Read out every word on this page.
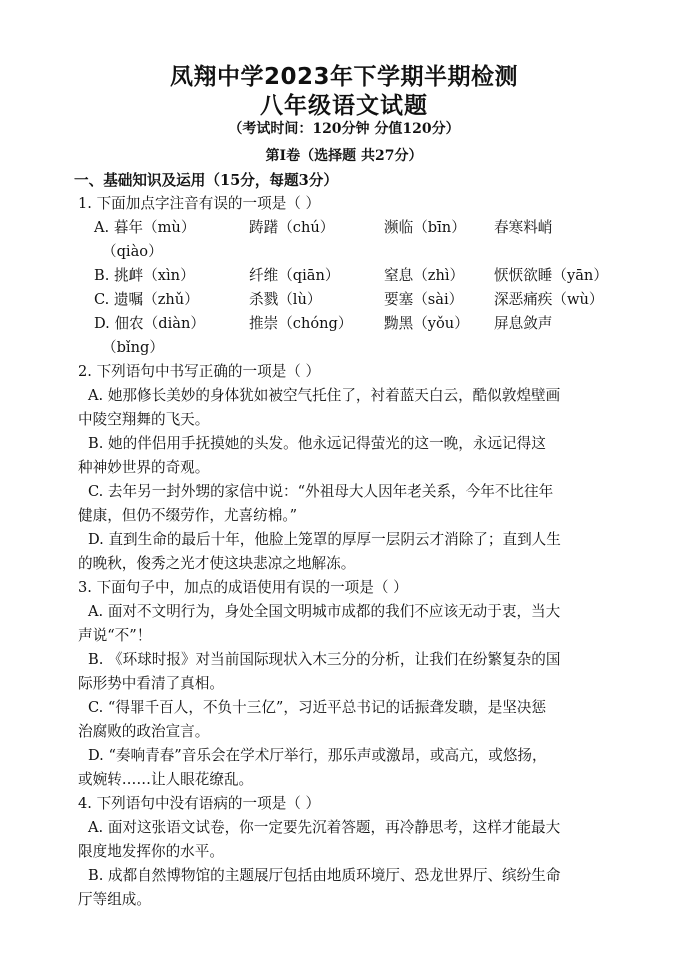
凤翔中学2023年下学期半期检测
八年级语文试题
（考试时间：120分钟 分值120分）
第Ⅰ卷（选择题 共27分）
一、基础知识及运用（15分，每题3分）
1. 下面加点字注音有误的一项是（ ）
A. 暮年（mù）	踌躇（chú）	濒临（bīn）	春寒料峭
（qiào）
B. 挑衅（xìn）	纤维（qiān）	窒息（zhì）	恹恹欲睡（yān）
C. 遗嘱（zhǔ）	杀戮（lù）	要塞（sài）	深恶痛疾（wù）
D. 佃农（diàn）	推崇（chóng）	黝黑（yǒu）	屏息敛声
（bǐng）
2. 下列语句中书写正确的一项是（ ）
A. 她那修长美妙的身体犹如被空气托住了，衬着蓝天白云，酷似敦煌壁画
中陵空翔舞的飞天。
B. 她的伴侣用手抚摸她的头发。他永远记得萤光的这一晚，永远记得这
种神妙世界的奇观。
C. 去年另一封外甥的家信中说：“外祖母大人因年老关系，今年不比往年
健康，但仍不缀劳作，尤喜纺棉。”
D. 直到生命的最后十年，他脸上笼罩的厚厚一层阴云才消除了；直到人生
的晚秋，俊秀之光才使这块悲凉之地解冻。
3. 下面句子中，加点的成语使用有误的一项是（ ）
A. 面对不文明行为，身处全国文明城市成都的我们不应该无动于衷，当大
声说“不”！
B. 《环球时报》对当前国际现状入木三分的分析，让我们在纷繁复杂的国
际形势中看清了真相。
C. “得罪千百人，不负十三亿”，习近平总书记的话振聋发聩，是坚决惩
治腐败的政治宣言。
D. “奏响青春”音乐会在学术厅举行，那乐声或激昂，或高亢，或悠扬，
或婉转……让人眼花缭乱。
4. 下列语句中没有语病的一项是（ ）
A. 面对这张语文试卷，你一定要先沉着答题，再冷静思考，这样才能最大
限度地发挥你的水平。
B. 成都自然博物馆的主题展厅包括由地质环境厅、恐龙世界厅、缤纷生命
厅等组成。
